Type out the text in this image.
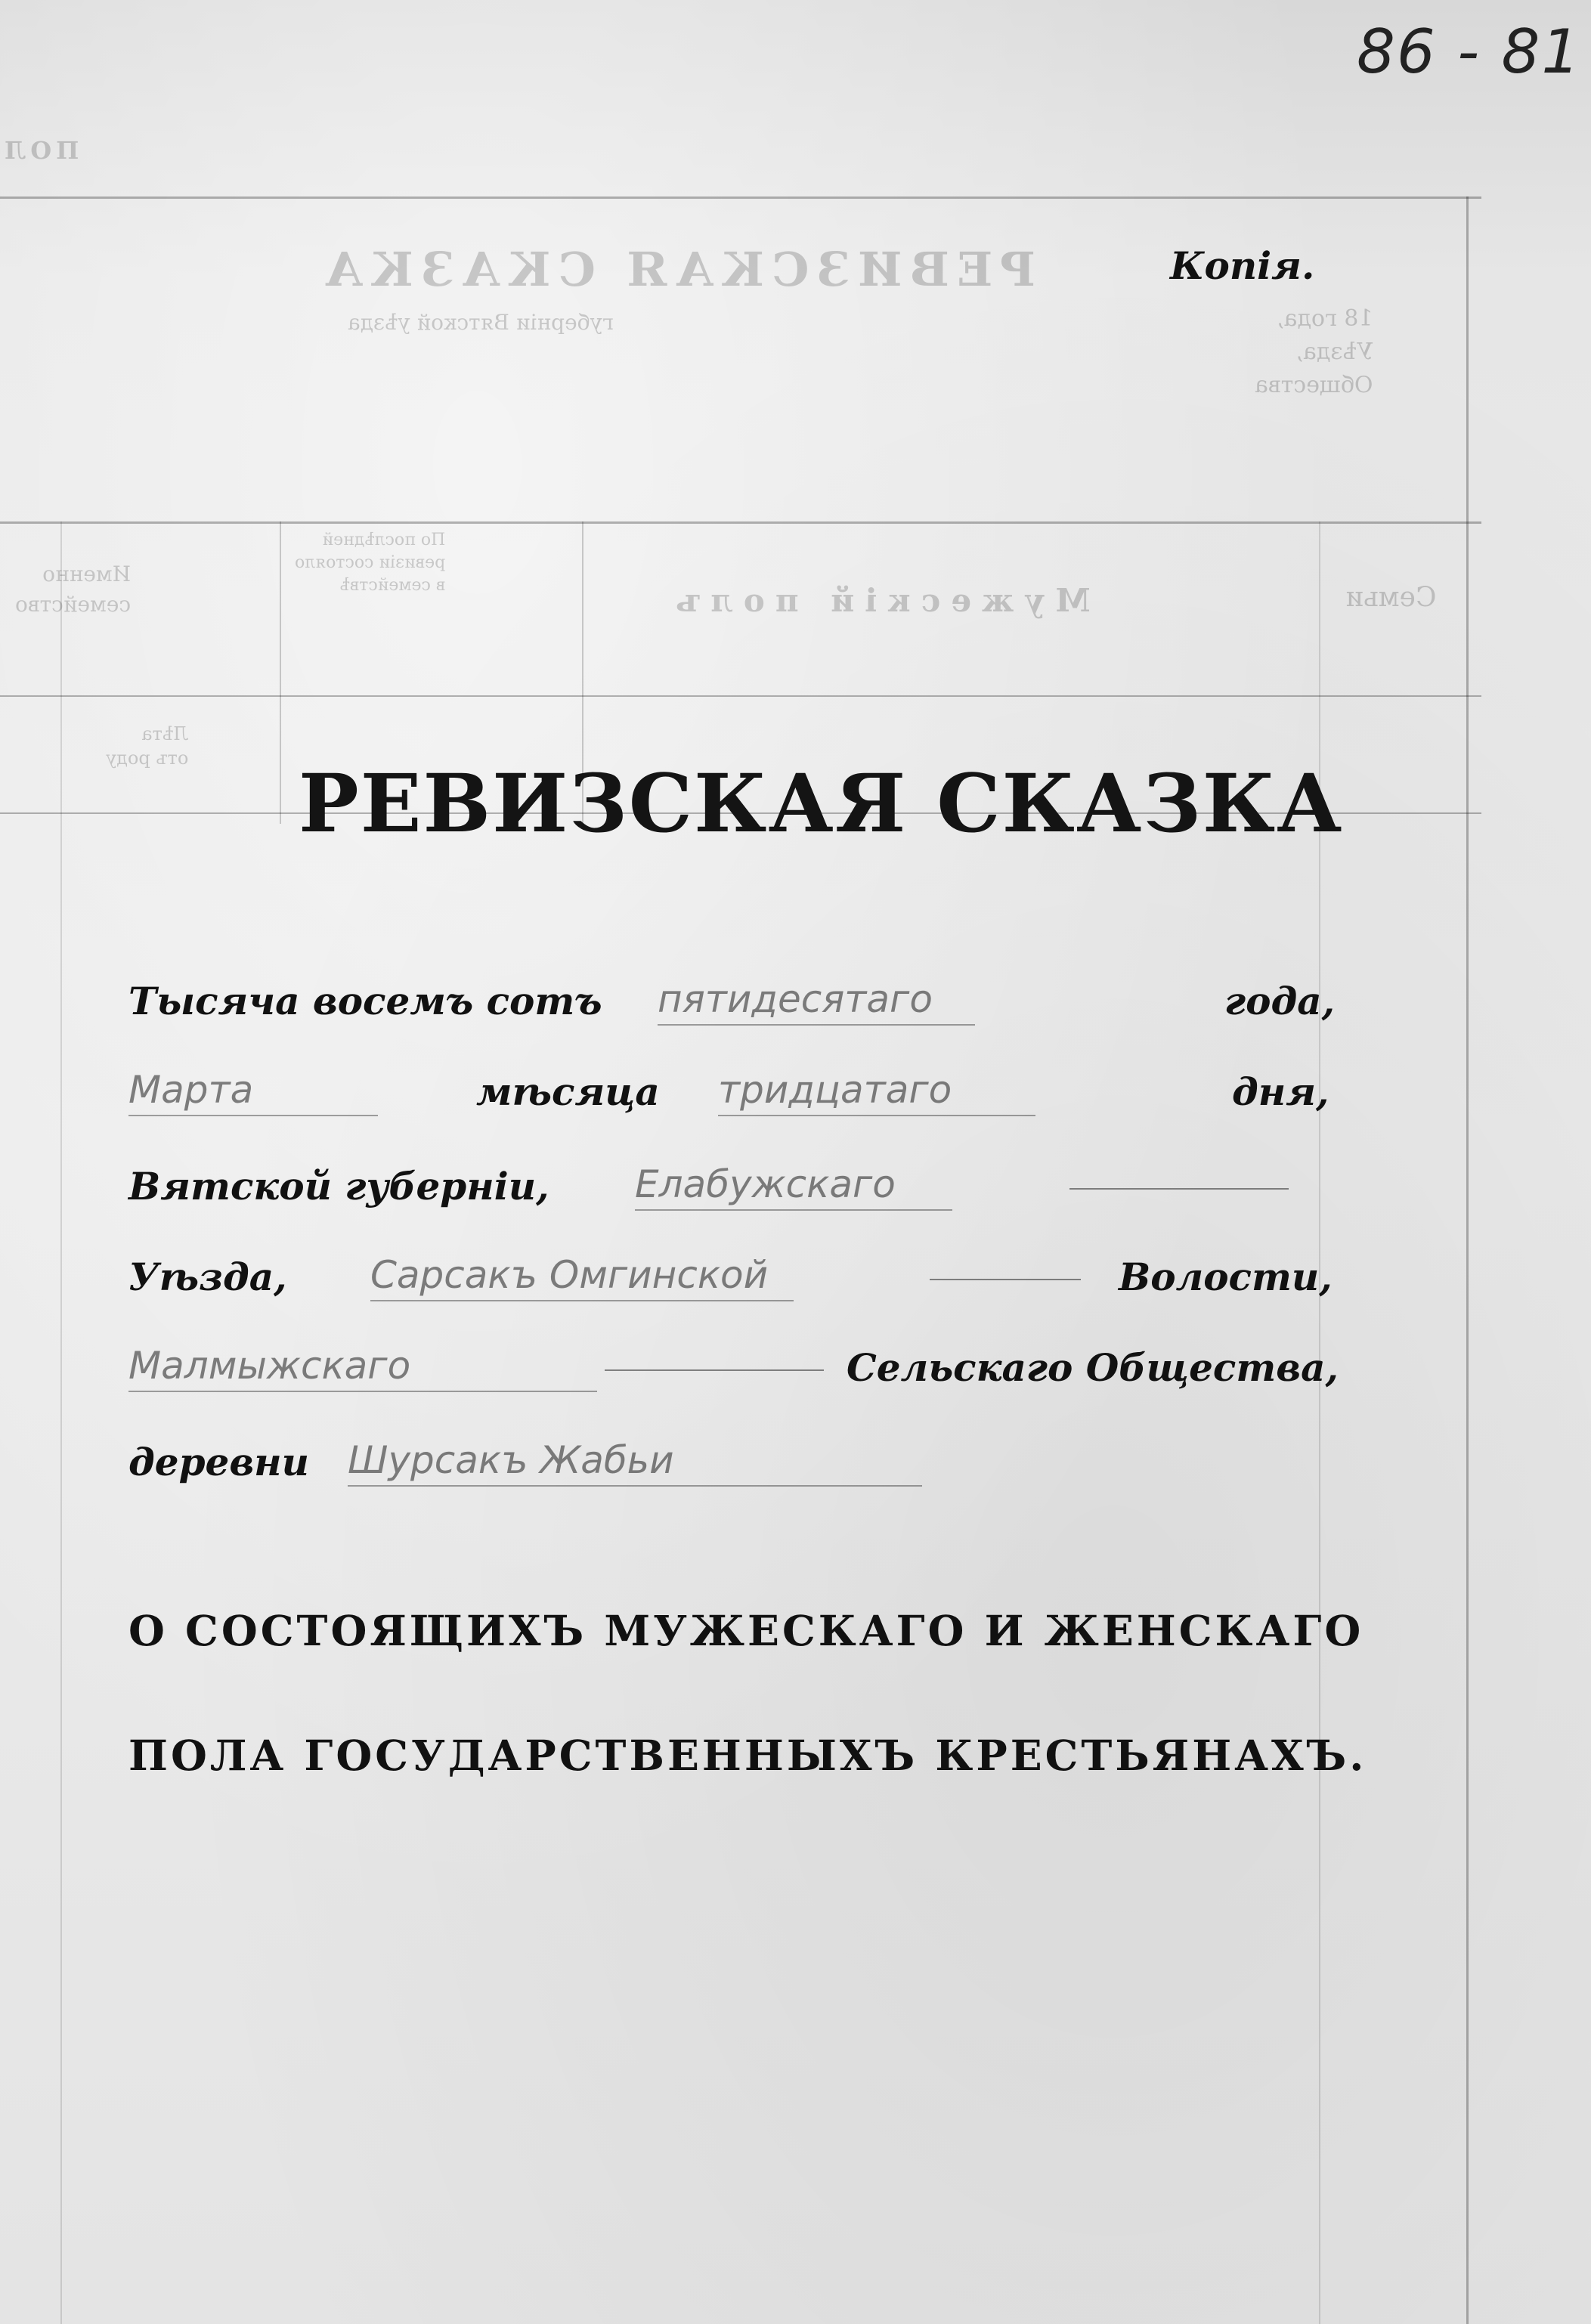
РЕВИЗСКАЯ СКАЗКА
губерніи Вятской уѣзда
ПОЛ
18 года,
Уѣзда,
Общества
Именно
семейство	Мужескій полъ	Семьи
По послѣдней
ревизіи состояло
в семействѣ
Лѣта
отъ роду
86 - 81
Копія.
РЕВИЗСКАЯ СКАЗКА
Тысяча восемъ сотъ пятидесятаго	года,
Марта	мѣсяца тридцатаго	дня,
Вятской губерніи, Елабужскаго
Уѣзда, Сарсакъ Омгинской	Волости,
Малмыжскаго	Сельскаго Общества,
деревни Шурсакъ Жабьи
О СОСТОЯЩИХЪ МУЖЕСКАГО И ЖЕНСКАГО
ПОЛА ГОСУДАРСТВЕННЫХЪ КРЕСТЬЯНАХЪ.
